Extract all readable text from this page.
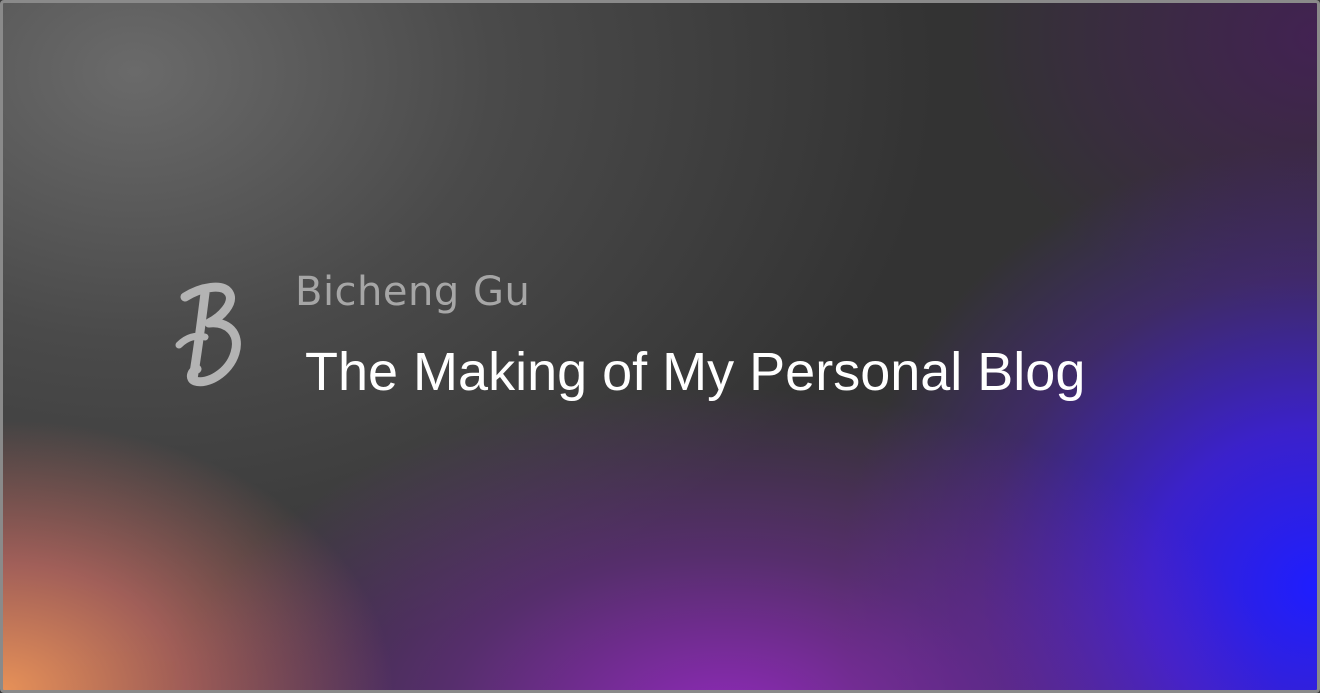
Bicheng Gu
The Making of My Personal Blog
